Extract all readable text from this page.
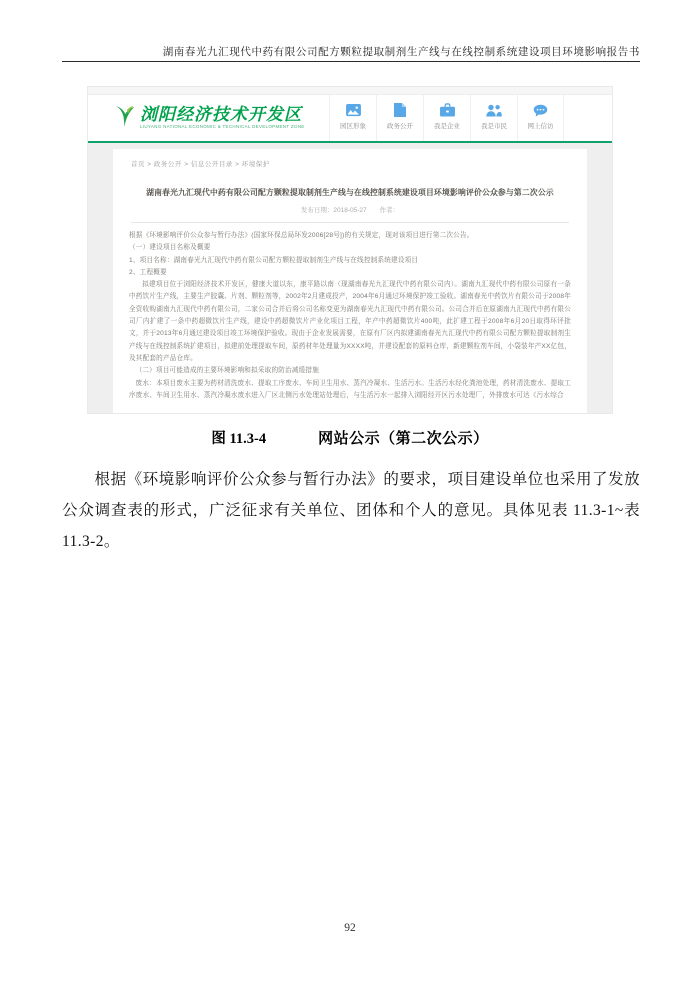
湖南春光九汇现代中药有限公司配方颗粒提取制剂生产线与在线控制系统建设项目环境影响报告书
浏阳经济技术开发区
LIUYANG NATIONAL ECONOMIC & TECHNICAL DEVELOPMENT ZONE	园区形象	政务公开	我是企业	我是市民	网上信访
首页 > 政务公开 > 信息公开目录 > 环境保护
湖南春光九汇现代中药有限公司配方颗粒提取制剂生产线与在线控制系统建设项目环境影响评价公众参与第二次公示
发布日期：2018-05-27　　作者：

根据《环境影响评价公众参与暂行办法》(国家环保总局环发2006[28号])的有关规定，现对该项目进行第二次公告。

（一）建设项目名称及概要

1、项目名称：湖南春光九汇现代中药有限公司配方颗粒提取制剂生产线与在线控制系统建设项目

2、工程概要

拟建项目位于浏阳经济技术开发区，健康大道以东，康平路以南（现湖南春光九汇现代中药有限公司内）。湖南九汇现代中药有限公司原有一条中药饮片生产线，主要生产胶囊、片剂、颗粒剂等，2002年2月建成投产，2004年6月通过环境保护竣工验收。湖南春光中药饮片有限公司于2008年全资收购湖南九汇现代中药有限公司，二家公司合并后将公司名称变更为湖南春光九汇现代中药有限公司。公司合并后在原湖南九汇现代中药有限公司厂内扩建了一条中药超微饮片生产线，建设中药超微饮片产业化项目工程，年产中药超微饮片400吨，此扩建工程于2008年6月20日取得环评批文，并于2013年6月通过建设项目竣工环境保护验收。现由于企业发展需要，在原有厂区内拟建湖南春光九汇现代中药有限公司配方颗粒提取制剂生产线与在线控制系统扩建项目，拟建前处理提取车间，原药材年处理量为XXXX吨，并建设配套的原料仓库，新建颗粒剂车间，小袋装年产XX亿包，及其配套的产品仓库。

（二）项目可能造成的主要环境影响和拟采取的防治减缓措施

废水：本项目废水主要为药材清洗废水、提取工序废水、车间卫生用水、蒸汽冷凝水、生活污水。生活污水经化粪池处理，药材清洗废水、提取工序废水、车间卫生用水、蒸汽冷凝水废水进入厂区北侧污水处理站处理后，与生活污水一起排入浏阳经开区污水处理厂，外排废水可达《污水综合

图 11.3-4	网站公示（第二次公示）
根据《环境影响评价公众参与暂行办法》的要求，项目建设单位也采用了发放公众调查表的形式，广泛征求有关单位、团体和个人的意见。具体见表 11.3-1~表 11.3-2。
92
